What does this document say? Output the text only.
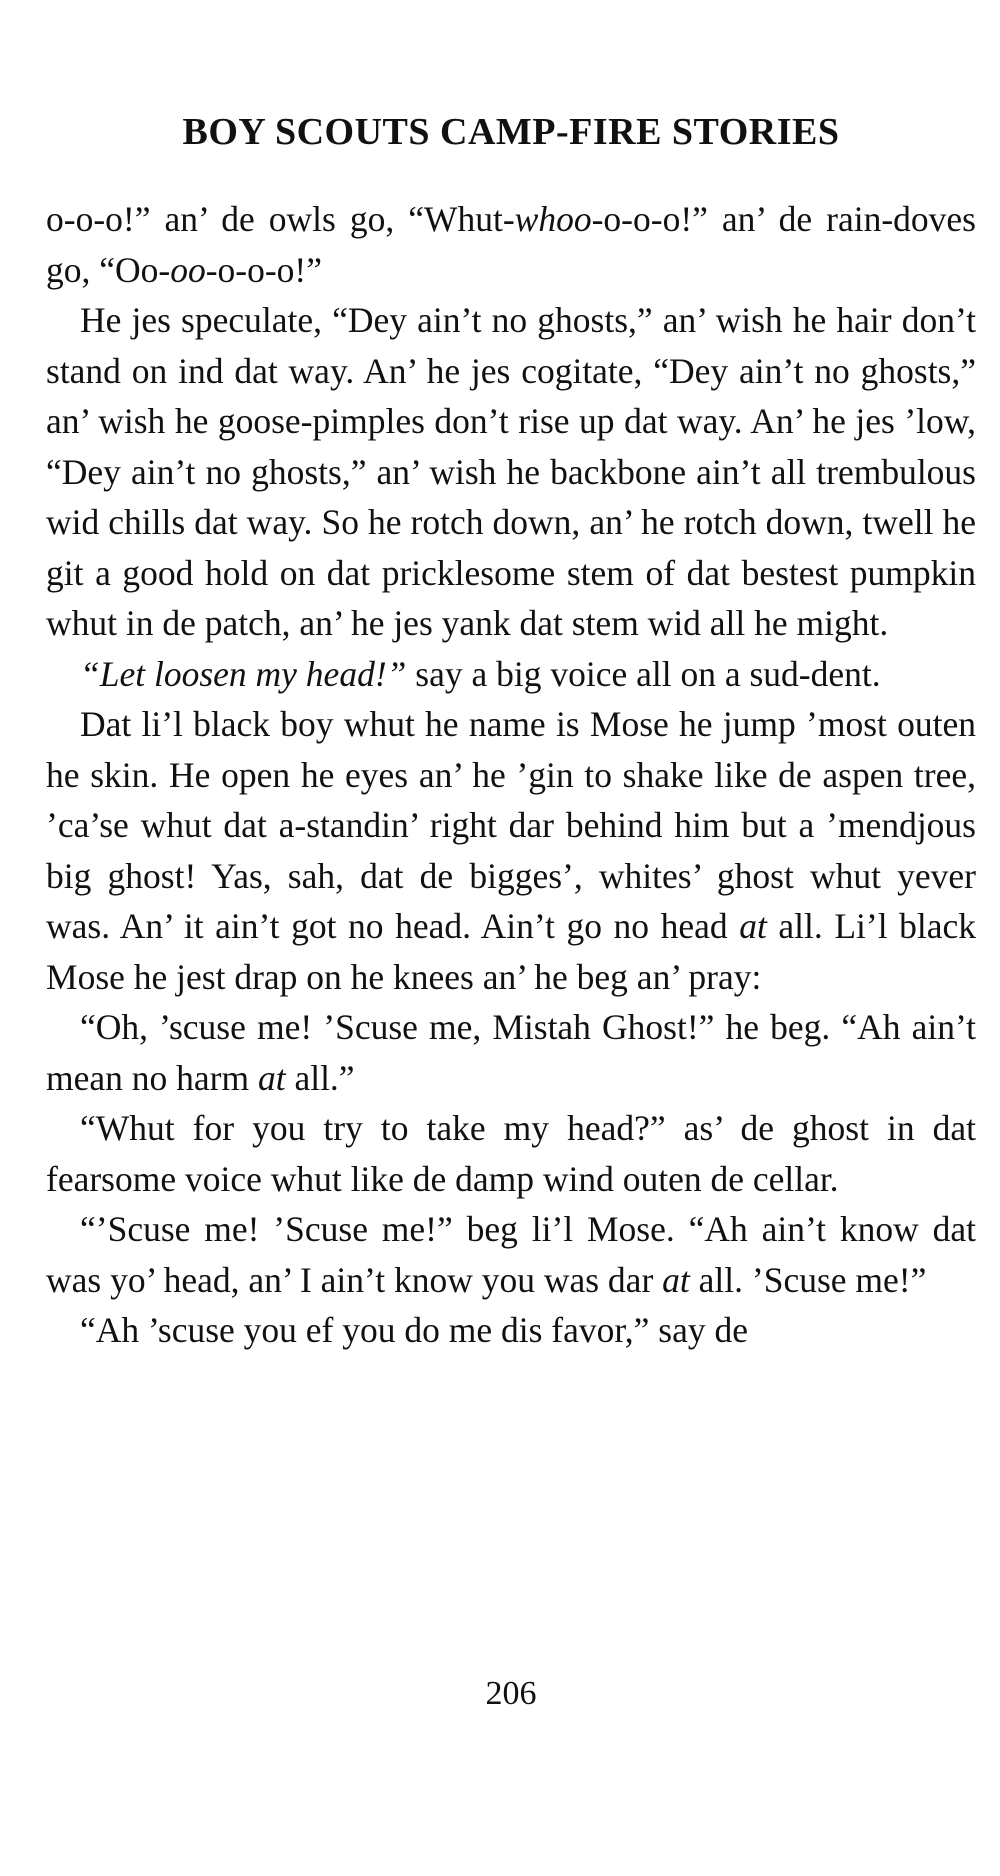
BOY SCOUTS CAMP-FIRE STORIES

o-o-o!” an’ de owls go, “Whut-whoo-o-o-o!” an’ de rain-doves go, “Oo-oo-o-o-o!”

He jes speculate, “Dey ain’t no ghosts,” an’ wish he hair don’t stand on ind dat way. An’ he jes cogitate, “Dey ain’t no ghosts,” an’ wish he goose-pimples don’t rise up dat way. An’ he jes ’low, “Dey ain’t no ghosts,” an’ wish he backbone ain’t all trembulous wid chills dat way. So he rotch down, an’ he rotch down, twell he git a good hold on dat pricklesome stem of dat bestest pumpkin whut in de patch, an’ he jes yank dat stem wid all he might.

“Let loosen my head!” say a big voice all on a sud-dent.

Dat li’l black boy whut he name is Mose he jump ’most outen he skin. He open he eyes an’ he ’gin to shake like de aspen tree, ’ca’se whut dat a-standin’ right dar behind him but a ’mendjous big ghost! Yas, sah, dat de bigges’, whites’ ghost whut yever was. An’ it ain’t got no head. Ain’t go no head at all. Li’l black Mose he jest drap on he knees an’ he beg an’ pray:

“Oh, ’scuse me! ’Scuse me, Mistah Ghost!” he beg. “Ah ain’t mean no harm at all.”

“Whut for you try to take my head?” as’ de ghost in dat fearsome voice whut like de damp wind outen de cellar.

“’Scuse me! ’Scuse me!” beg li’l Mose. “Ah ain’t know dat was yo’ head, an’ I ain’t know you was dar at all. ’Scuse me!”

“Ah ’scuse you ef you do me dis favor,” say de

206
